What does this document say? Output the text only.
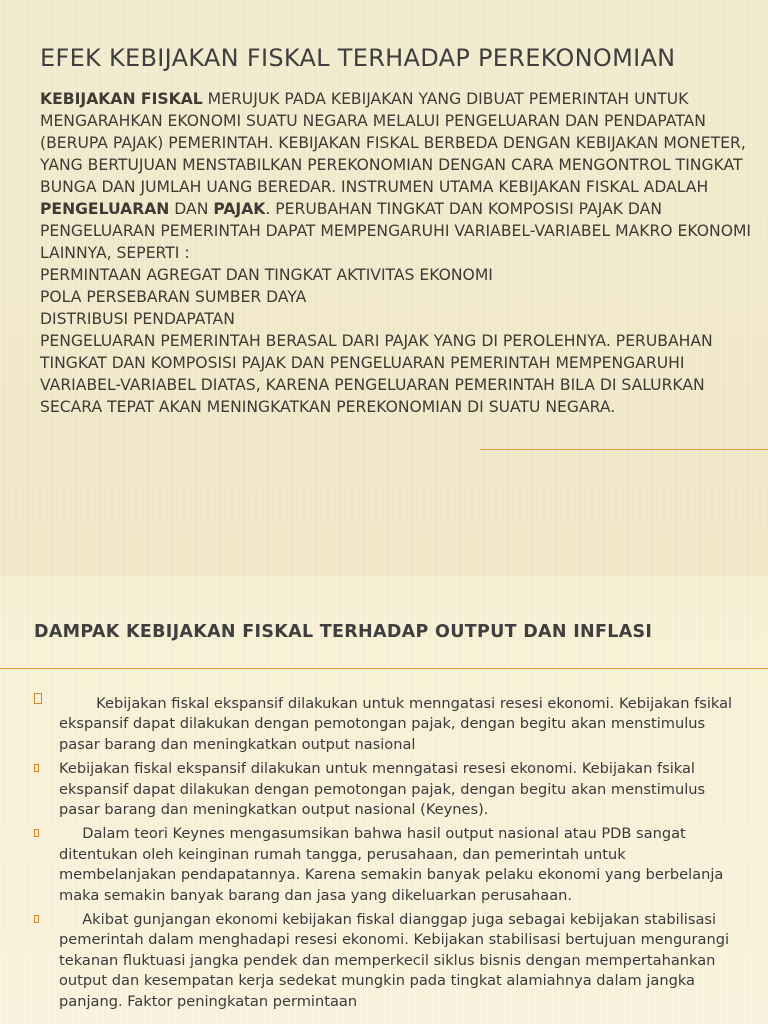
EFEK KEBIJAKAN FISKAL TERHADAP PEREKONOMIAN

KEBIJAKAN FISKAL MERUJUK PADA KEBIJAKAN YANG DIBUAT PEMERINTAH UNTUK MENGARAHKAN EKONOMI SUATU NEGARA MELALUI PENGELUARAN DAN PENDAPATAN (BERUPA PAJAK) PEMERINTAH. KEBIJAKAN FISKAL BERBEDA DENGAN KEBIJAKAN MONETER, YANG BERTUJUAN MENSTABILKAN PEREKONOMIAN DENGAN CARA MENGONTROL TINGKAT BUNGA DAN JUMLAH UANG BEREDAR. INSTRUMEN UTAMA KEBIJAKAN FISKAL ADALAH PENGELUARAN DAN PAJAK. PERUBAHAN TINGKAT DAN KOMPOSISI PAJAK DAN PENGELUARAN PEMERINTAH DAPAT MEMPENGARUHI VARIABEL-VARIABEL MAKRO EKONOMI LAINNYA, SEPERTI :

PERMINTAAN AGREGAT DAN TINGKAT AKTIVITAS EKONOMI

POLA PERSEBARAN SUMBER DAYA

DISTRIBUSI PENDAPATAN

PENGELUARAN PEMERINTAH BERASAL DARI PAJAK YANG DI PEROLEHNYA. PERUBAHAN TINGKAT DAN KOMPOSISI PAJAK DAN PENGELUARAN PEMERINTAH MEMPENGARUHI VARIABEL-VARIABEL DIATAS, KARENA PENGELUARAN PEMERINTAH BILA DI SALURKAN SECARA TEPAT AKAN MENINGKATKAN PEREKONOMIAN DI SUATU NEGARA.

DAMPAK KEBIJAKAN FISKAL TERHADAP OUTPUT DAN INFLASI
Kebijakan fiskal ekspansif dilakukan untuk menngatasi resesi ekonomi. Kebijakan fsikal ekspansif dapat dilakukan dengan pemotongan pajak, dengan begitu akan menstimulus pasar barang dan meningkatkan output nasional
Kebijakan fiskal ekspansif dilakukan untuk menngatasi resesi ekonomi. Kebijakan fsikal ekspansif dapat dilakukan dengan pemotongan pajak, dengan begitu akan menstimulus pasar barang dan meningkatkan output nasional (Keynes).
Dalam teori Keynes mengasumsikan bahwa hasil output nasional atau PDB sangat ditentukan oleh keinginan rumah tangga, perusahaan, dan pemerintah untuk membelanjakan pendapatannya. Karena semakin banyak pelaku ekonomi yang berbelanja maka semakin banyak barang dan jasa yang dikeluarkan perusahaan.
Akibat gunjangan ekonomi kebijakan fiskal dianggap juga sebagai kebijakan stabilisasi pemerintah dalam menghadapi resesi ekonomi. Kebijakan stabilisasi bertujuan mengurangi tekanan fluktuasi jangka pendek dan memperkecil siklus bisnis dengan mempertahankan output dan kesempatan kerja sedekat mungkin pada tingkat alamiahnya dalam jangka panjang. Faktor peningkatan permintaan
